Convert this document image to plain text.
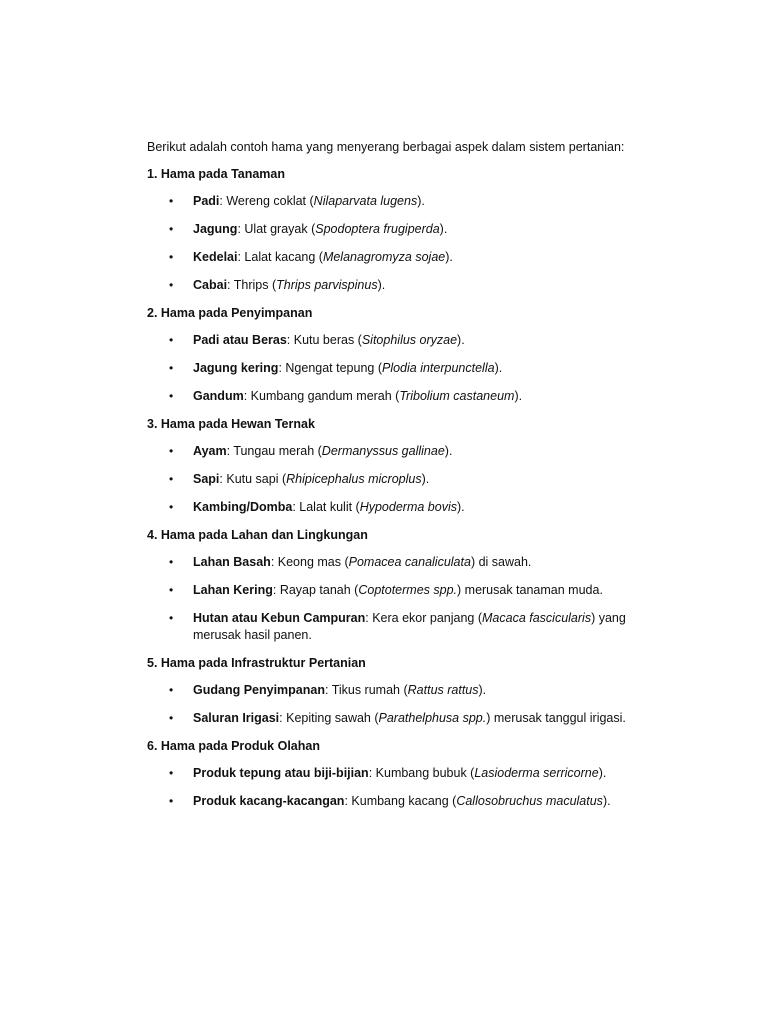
Berikut adalah contoh hama yang menyerang berbagai aspek dalam sistem pertanian:

1. Hama pada Tanaman

• Padi: Wereng coklat (Nilaparvata lugens).
• Jagung: Ulat grayak (Spodoptera frugiperda).
• Kedelai: Lalat kacang (Melanagromyza sojae).
• Cabai: Thrips (Thrips parvispinus).

2. Hama pada Penyimpanan

• Padi atau Beras: Kutu beras (Sitophilus oryzae).
• Jagung kering: Ngengat tepung (Plodia interpunctella).
• Gandum: Kumbang gandum merah (Tribolium castaneum).

3. Hama pada Hewan Ternak

• Ayam: Tungau merah (Dermanyssus gallinae).
• Sapi: Kutu sapi (Rhipicephalus microplus).
• Kambing/Domba: Lalat kulit (Hypoderma bovis).

4. Hama pada Lahan dan Lingkungan

• Lahan Basah: Keong mas (Pomacea canaliculata) di sawah.
• Lahan Kering: Rayap tanah (Coptotermes spp.) merusak tanaman muda.
• Hutan atau Kebun Campuran: Kera ekor panjang (Macaca fascicularis) yang merusak hasil panen.

5. Hama pada Infrastruktur Pertanian

• Gudang Penyimpanan: Tikus rumah (Rattus rattus).
• Saluran Irigasi: Kepiting sawah (Parathelphusa spp.) merusak tanggul irigasi.

6. Hama pada Produk Olahan

• Produk tepung atau biji-bijian: Kumbang bubuk (Lasioderma serricorne).
• Produk kacang-kacangan: Kumbang kacang (Callosobruchus maculatus).
